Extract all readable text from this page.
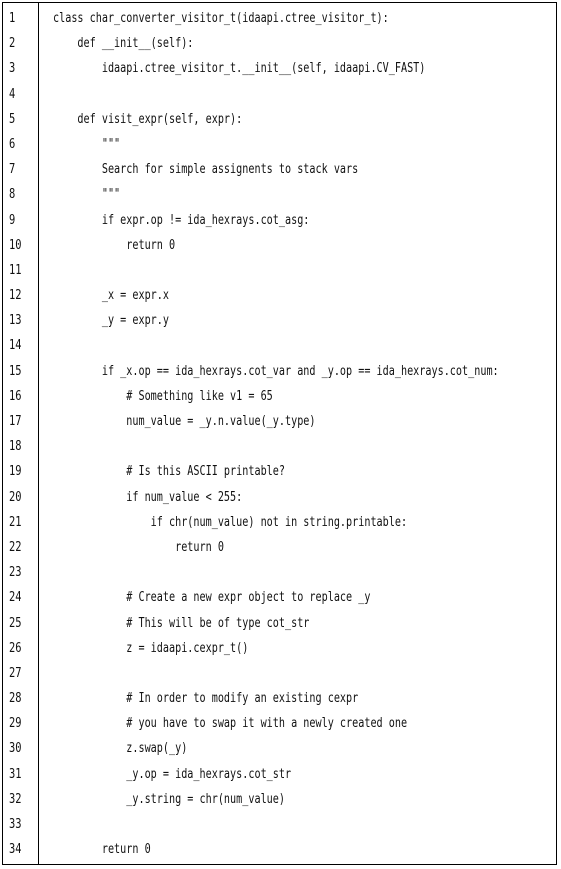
1	class char_converter_visitor_t(idaapi.ctree_visitor_t):
2	def __init__(self):
3	idaapi.ctree_visitor_t.__init__(self, idaapi.CV_FAST)
4
5	def visit_expr(self, expr):
6	"""
7	Search for simple assignents to stack vars
8	"""
9	if expr.op != ida_hexrays.cot_asg:
10 return 0
11
12 _x = expr.x
13 _y = expr.y
14
15 if _x.op == ida_hexrays.cot_var and _y.op == ida_hexrays.cot_num:
16 # Something like v1 = 65
17 num_value = _y.n.value(_y.type)
18
19 # Is this ASCII printable?
20 if num_value < 255:
21 if chr(num_value) not in string.printable:
22 return 0
23
24 # Create a new expr object to replace _y
25 # This will be of type cot_str
26 z = idaapi.cexpr_t()
27
28 # In order to modify an existing cexpr
29 # you have to swap it with a newly created one
30 z.swap(_y)
31 _y.op = ida_hexrays.cot_str
32 _y.string = chr(num_value)
33
34 return 0
